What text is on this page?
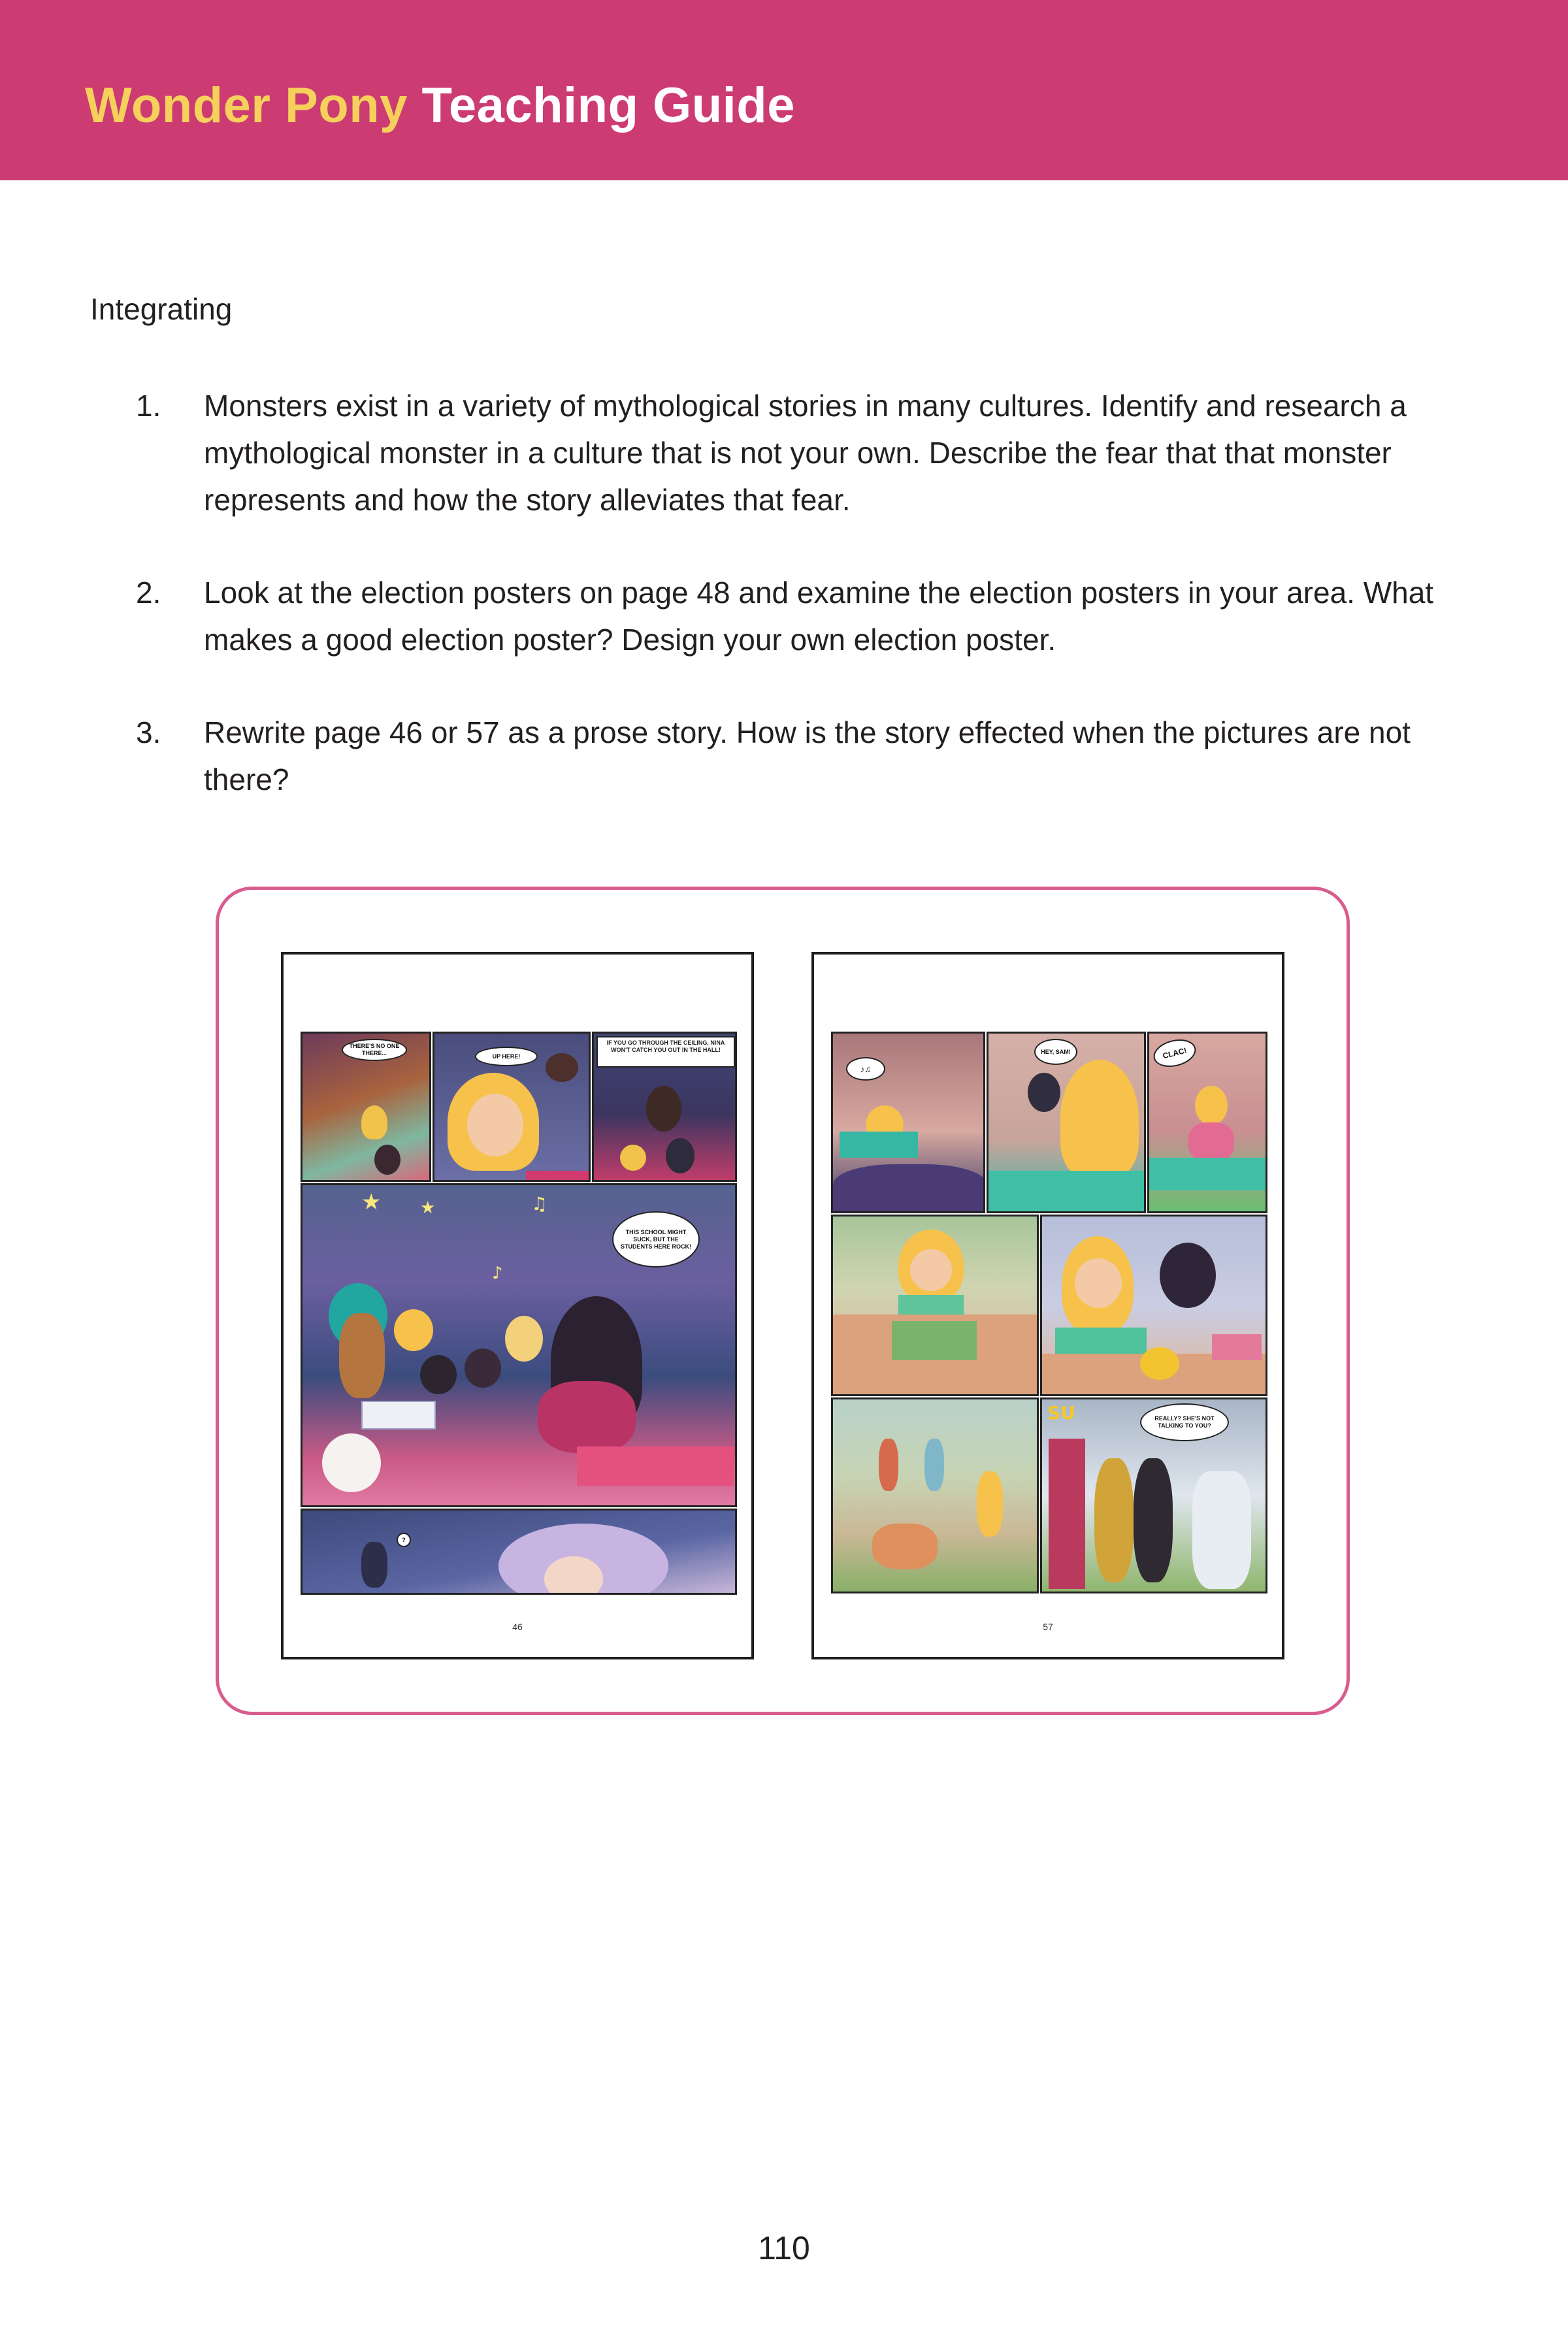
Wonder Pony Teaching Guide
Integrating
1. Monsters exist in a variety of mythological stories in many cultures. Identify and research a mythological monster in a culture that is not your own. Describe the fear that that monster represents and how the story alleviates that fear.
2. Look at the election posters on page 48 and examine the election posters in your area. What makes a good election poster? Design your own election poster.
3. Rewrite page 46 or 57 as a prose story. How is the story effected when the pictures are not there?
THERE'S NO ONE THERE...	UP HERE!
IF YOU GO THROUGH THE CEILING, NINA WON'T CATCH YOU OUT IN THE HALL!
★ ★	♫
♪
THIS SCHOOL MIGHT SUCK, BUT THE STUDENTS HERE ROCK!
?
46
♪♫
HEY, SAM!	CLAC!
SU	REALLY? SHE'S NOT TALKING TO YOU?
57

110
